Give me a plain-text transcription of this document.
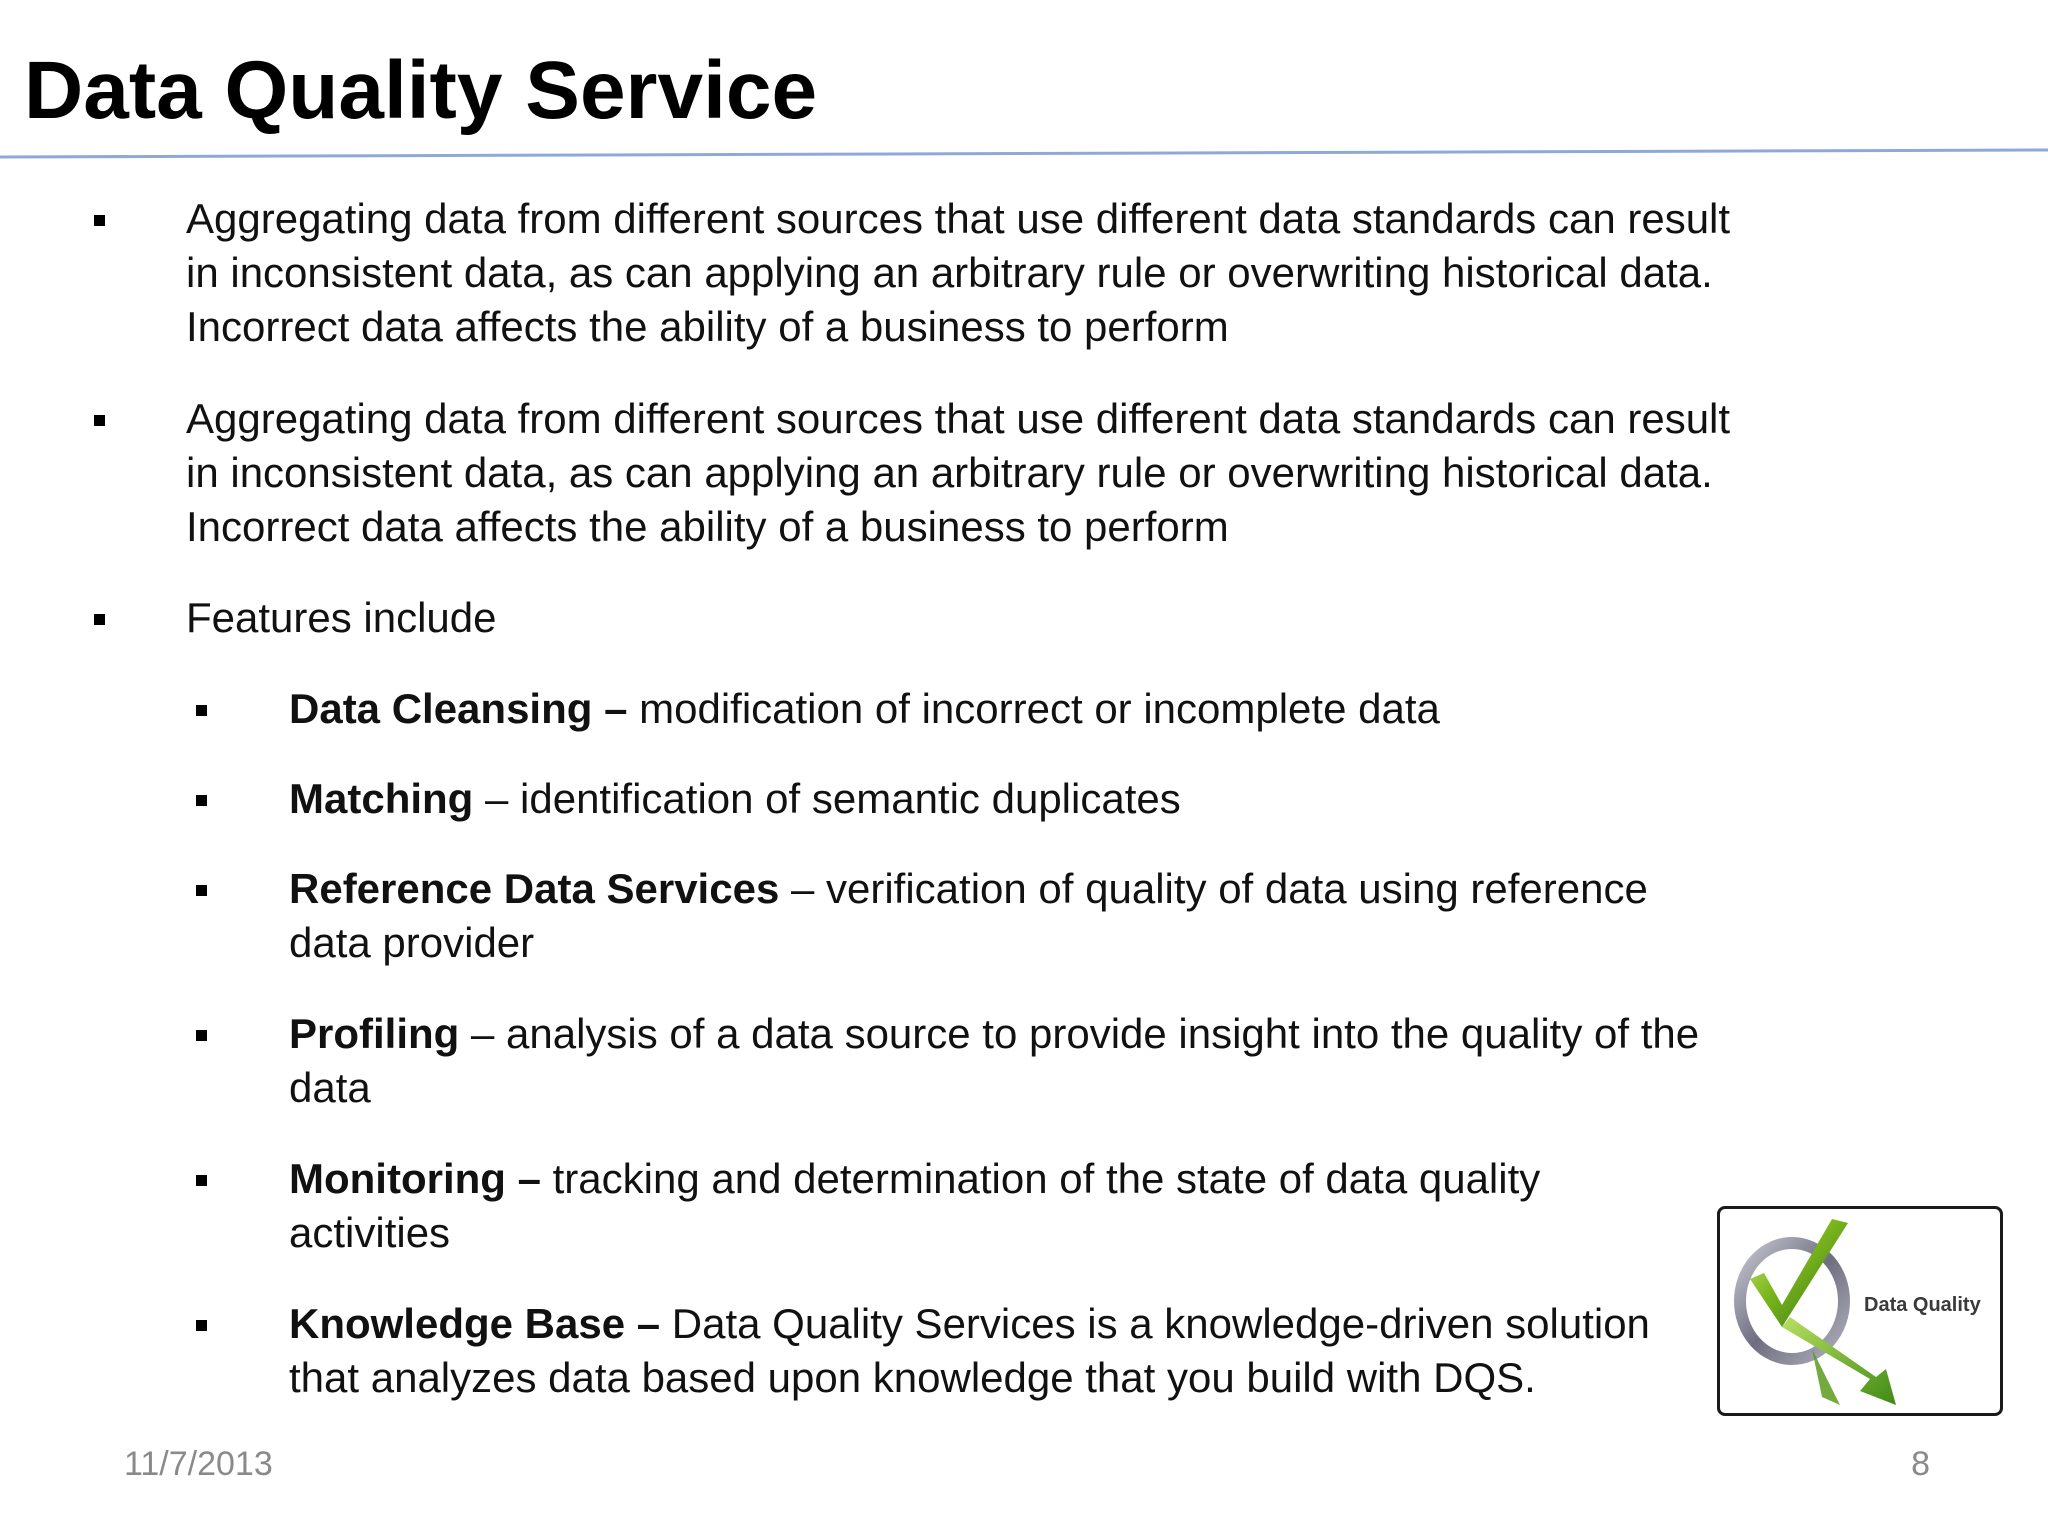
Data Quality Service
Aggregating data from different sources that use different data standards can result in inconsistent data, as can applying an arbitrary rule or overwriting historical data. Incorrect data affects the ability of a business to perform
Aggregating data from different sources that use different data standards can result in inconsistent data, as can applying an arbitrary rule or overwriting historical data. Incorrect data affects the ability of a business to perform
Features include
Data Cleansing – modification of incorrect or incomplete data
Matching – identification of semantic duplicates
Reference Data Services – verification of quality of data using reference data provider
Profiling – analysis of a data source to provide insight into the quality of the data
Monitoring – tracking and determination of the state of data quality activities
Knowledge Base – Data Quality Services is a knowledge-driven solution that analyzes data based upon knowledge that you build with DQS.
Data Quality
11/7/2013	8
